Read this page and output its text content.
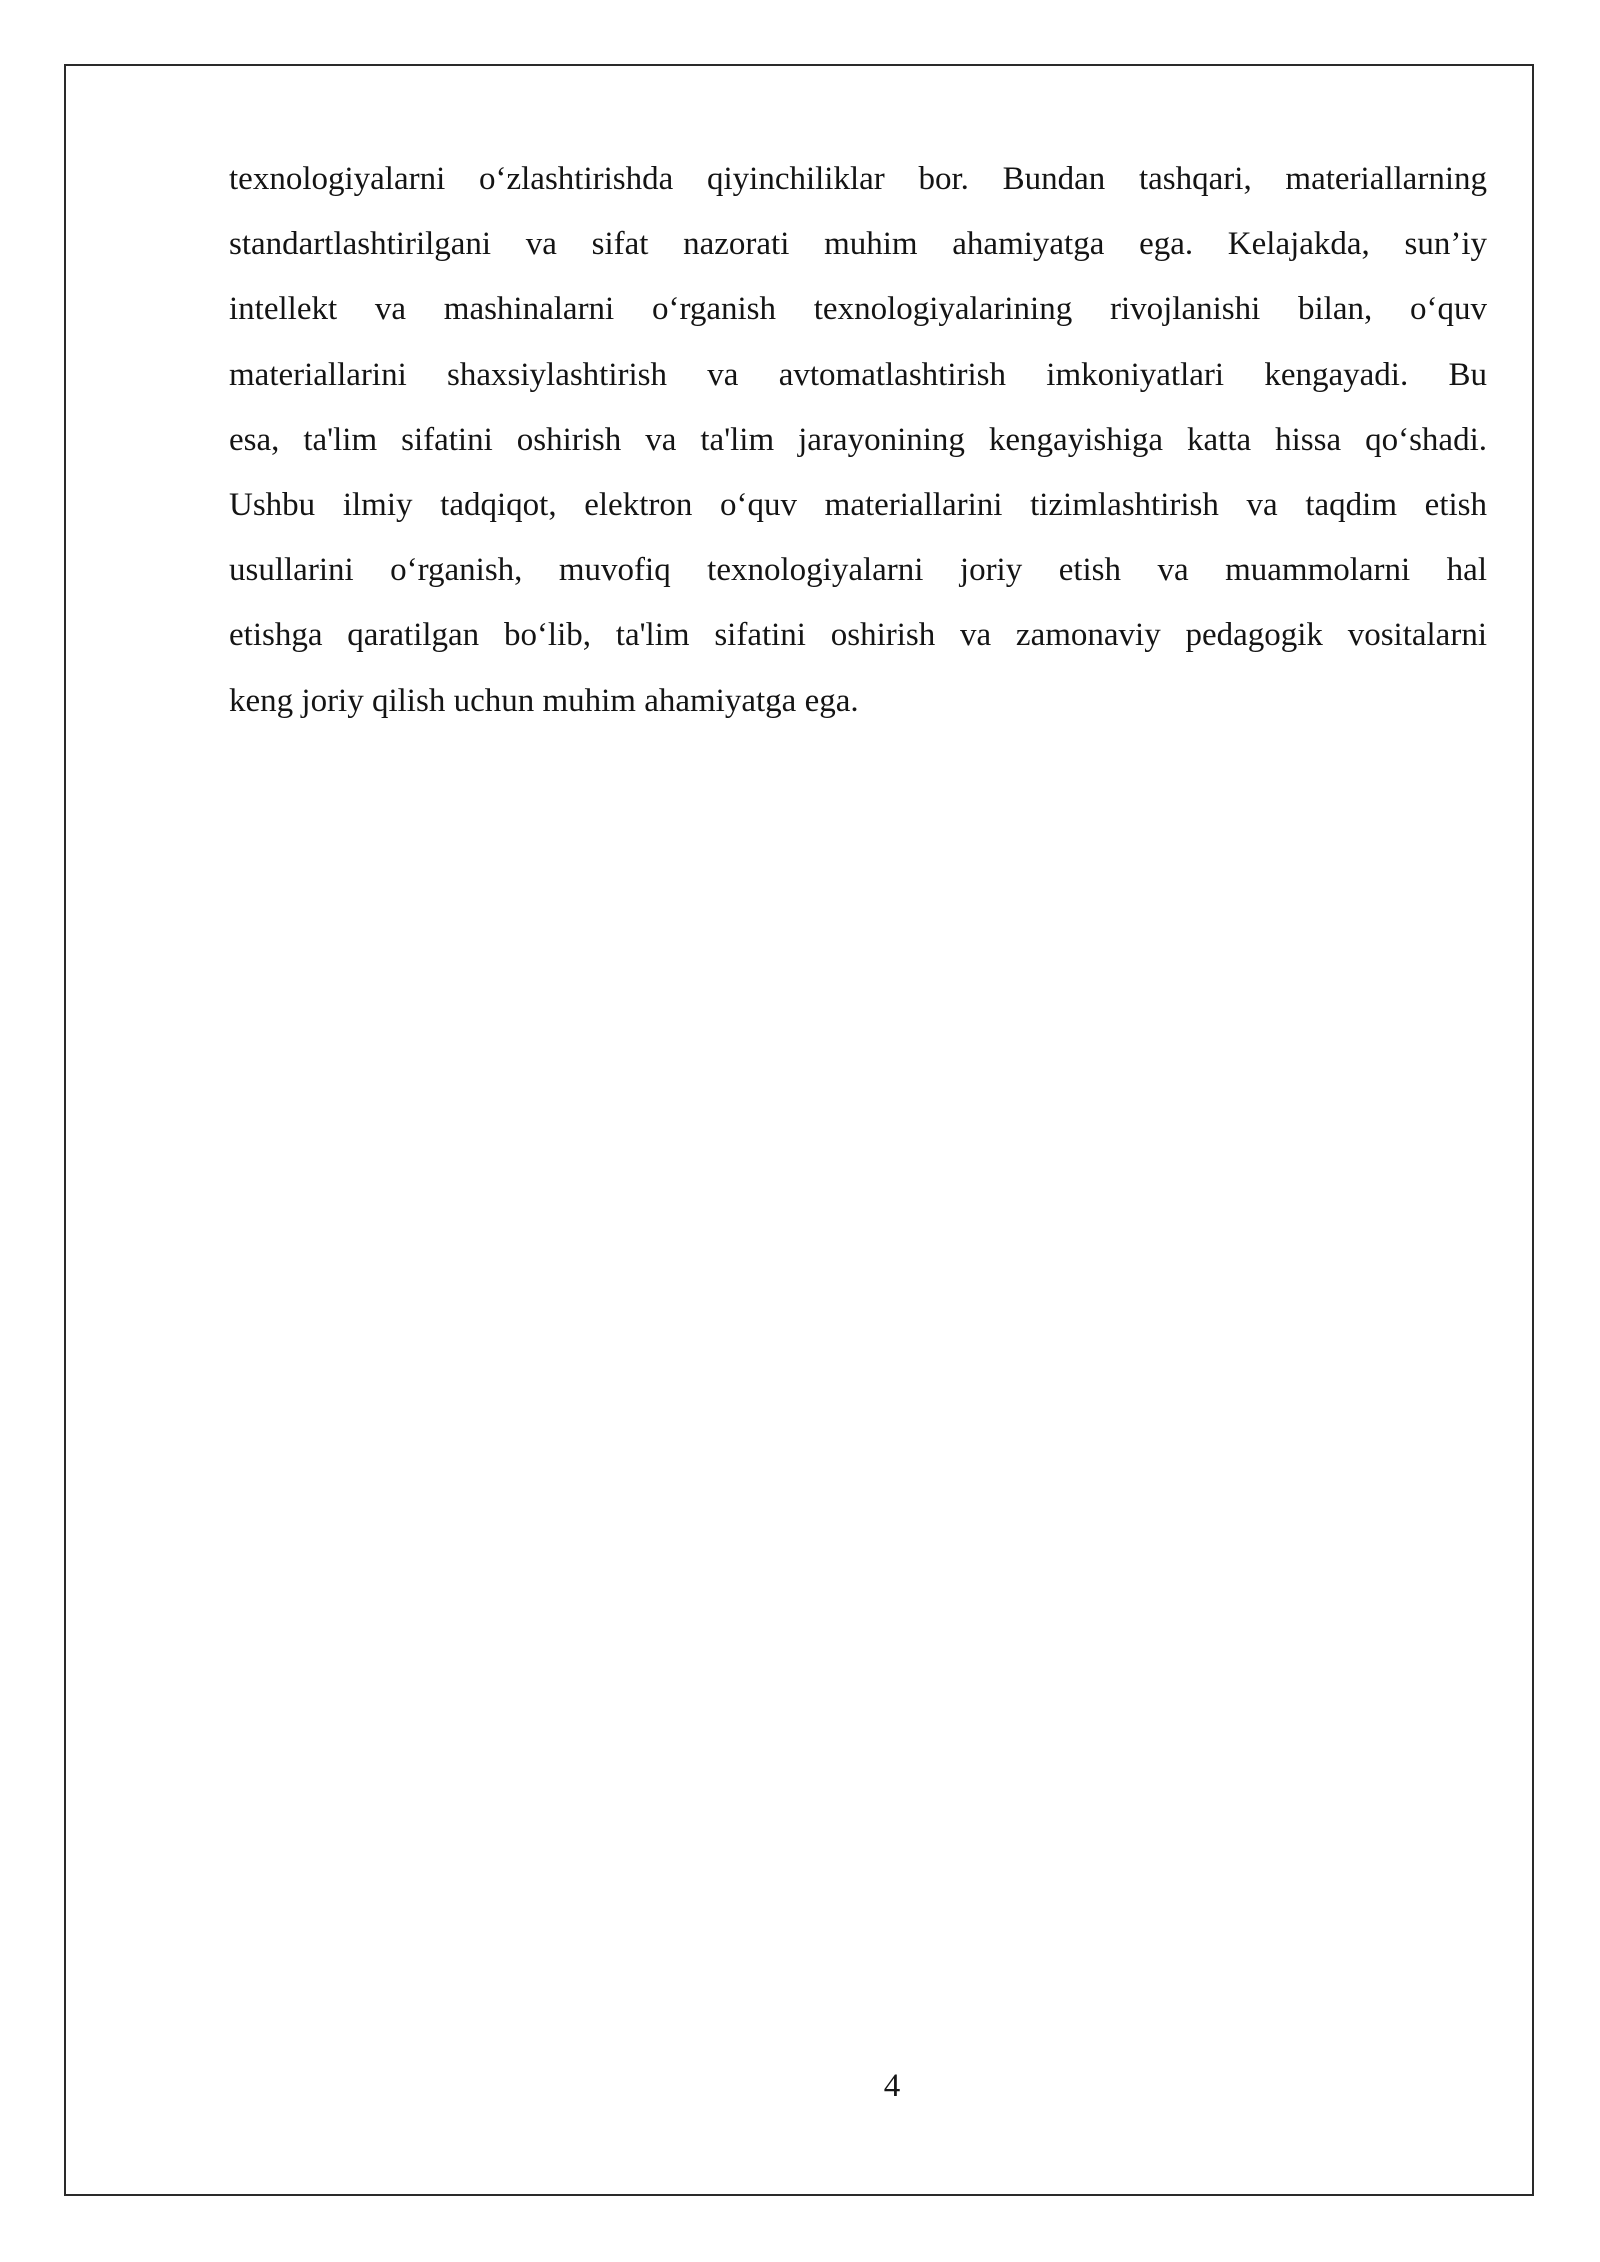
texnologiyalarni o‘zlashtirishda qiyinchiliklar bor. Bundan tashqari, materiallarning
standartlashtirilgani va sifat nazorati muhim ahamiyatga ega. Kelajakda, sun’iy
intellekt va mashinalarni o‘rganish texnologiyalarining rivojlanishi bilan, o‘quv
materiallarini shaxsiylashtirish va avtomatlashtirish imkoniyatlari kengayadi. Bu
esa, ta'lim sifatini oshirish va ta'lim jarayonining kengayishiga katta hissa qo‘shadi.
Ushbu ilmiy tadqiqot, elektron o‘quv materiallarini tizimlashtirish va taqdim etish
usullarini o‘rganish, muvofiq texnologiyalarni joriy etish va muammolarni hal
etishga qaratilgan bo‘lib, ta'lim sifatini oshirish va zamonaviy pedagogik vositalarni
keng joriy qilish uchun muhim ahamiyatga ega.
4
